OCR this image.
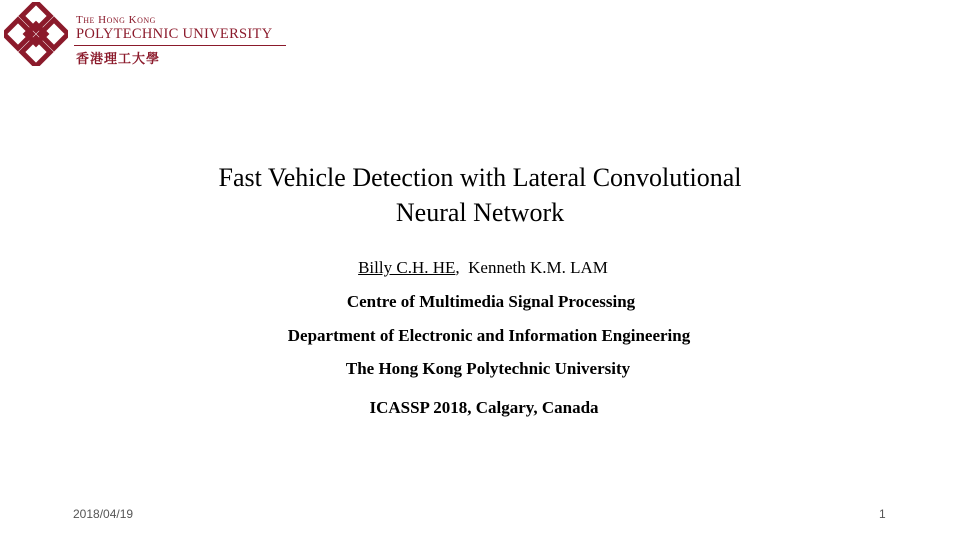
The Hong Kong
POLYTECHNIC UNIVERSITY
香港理工大學
Fast Vehicle Detection with Lateral Convolutional
Neural Network
Billy C.H. HE, Kenneth K.M. LAM
Centre of Multimedia Signal Processing
Department of Electronic and Information Engineering
The Hong Kong Polytechnic University
ICASSP 2018, Calgary, Canada
2018/04/19	1
